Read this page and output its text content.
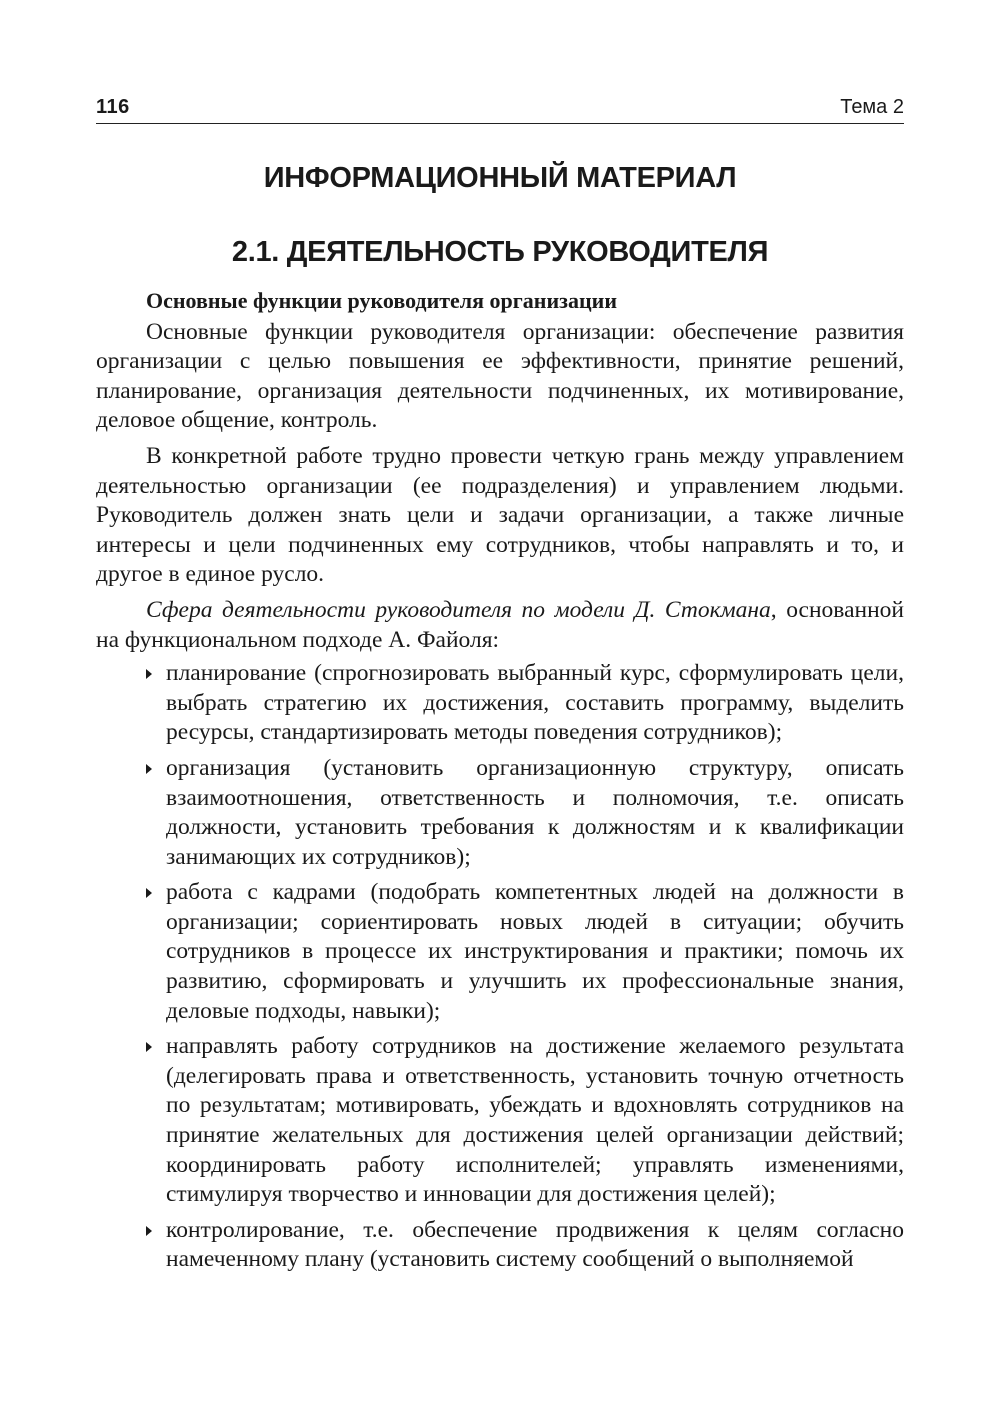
116	Тема 2
ИНФОРМАЦИОННЫЙ МАТЕРИАЛ
2.1. ДЕЯТЕЛЬНОСТЬ РУКОВОДИТЕЛЯ
Основные функции руководителя организации

Основные функции руководителя организации: обеспечение развития организации с целью повышения ее эффективности, принятие решений, планирование, организация деятельности подчиненных, их мотивирование, деловое общение, контроль.

В конкретной работе трудно провести четкую грань между управлением деятельностью организации (ее подразделения) и управлением людьми. Руководитель должен знать цели и задачи организации, а также личные интересы и цели подчиненных ему сотрудников, чтобы направлять и то, и другое в единое русло.

Сфера деятельности руководителя по модели Д. Стокмана, основанной на функциональном подходе А. Файоля:

планирование (спрогнозировать выбранный курс, сформулировать цели, выбрать стратегию их достижения, составить программу, выделить ресурсы, стандартизировать методы поведения сотрудников);
организация (установить организационную структуру, описать взаимоотношения, ответственность и полномочия, т.е. описать должности, установить требования к должностям и к квалификации занимающих их сотрудников);
работа с кадрами (подобрать компетентных людей на должности в организации; сориентировать новых людей в ситуации; обучить сотрудников в процессе их инструктирования и практики; помочь их развитию, сформировать и улучшить их профессиональные знания, деловые подходы, навыки);
направлять работу сотрудников на достижение желаемого результата (делегировать права и ответственность, установить точную отчетность по результатам; мотивировать, убеждать и вдохновлять сотрудников на принятие желательных для достижения целей организации действий; координировать работу исполнителей; управлять изменениями, стимулируя творчество и инновации для достижения целей);
контролирование, т.е. обеспечение продвижения к целям согласно намеченному плану (установить систему сообщений о выполняемой
